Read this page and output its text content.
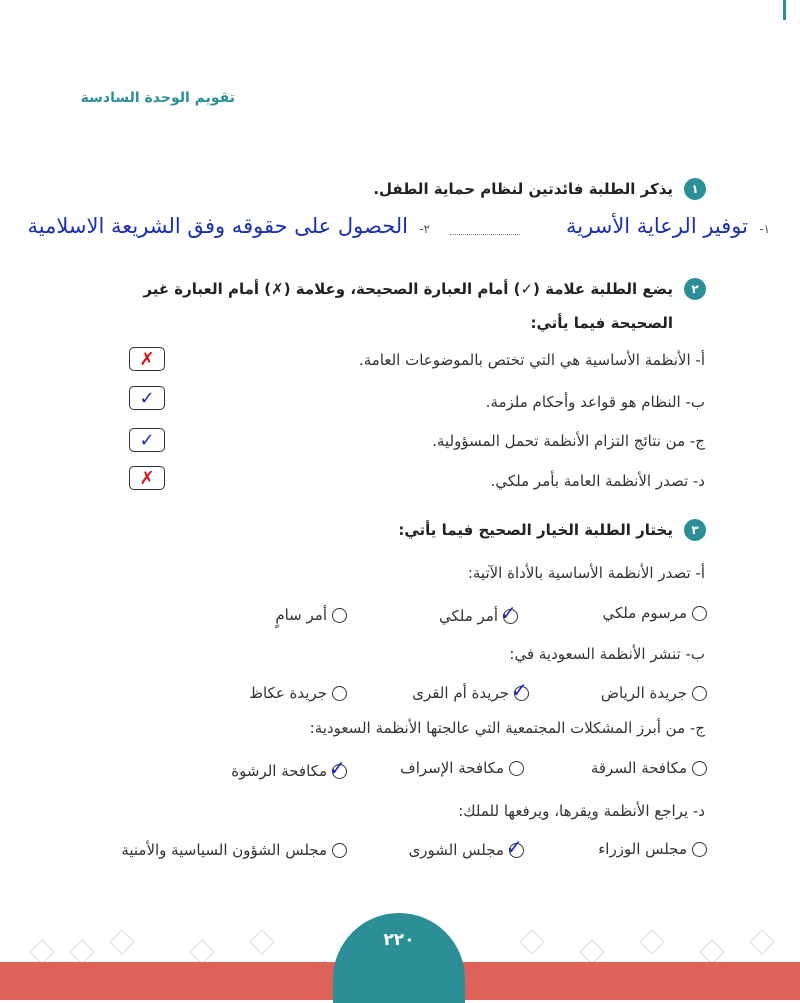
تقويم الوحدة السادسة
١
يذكر الطلبة فائدتين لنظام حماية الطفل.
١-
توفير الرعاية الأسرية
٢-
الحصول على حقوقه وفق الشريعة الاسلامية
٢
يضع الطلبة علامة (✓) أمام العبارة الصحيحة، وعلامة (✗) أمام العبارة غير
الصحيحة فيما يأتي:
أ- الأنظمة الأساسية هي التي تختص بالموضوعات العامة.
✗
ب- النظام هو قواعد وأحكام ملزمة.
✓
ج- من نتائج التزام الأنظمة تحمل المسؤولية.
✓
د- تصدر الأنظمة العامة بأمر ملكي.
✗
٣
يختار الطلبة الخيار الصحيح فيما يأتي:
أ- تصدر الأنظمة الأساسية بالأداة الآتية:
مرسوم ملكي
✓
أمر ملكي
أمر سامٍ
ب- تنشر الأنظمة السعودية في:
جريدة الرياض
✓
جريدة أم القرى
جريدة عكاظ
ج- من أبرز المشكلات المجتمعية التي عالجتها الأنظمة السعودية:
مكافحة السرقة
مكافحة الإسراف
✓
مكافحة الرشوة
د- يراجع الأنظمة ويقرها، ويرفعها للملك:
مجلس الوزراء
✓
مجلس الشورى
مجلس الشؤون السياسية والأمنية
٢٢٠
